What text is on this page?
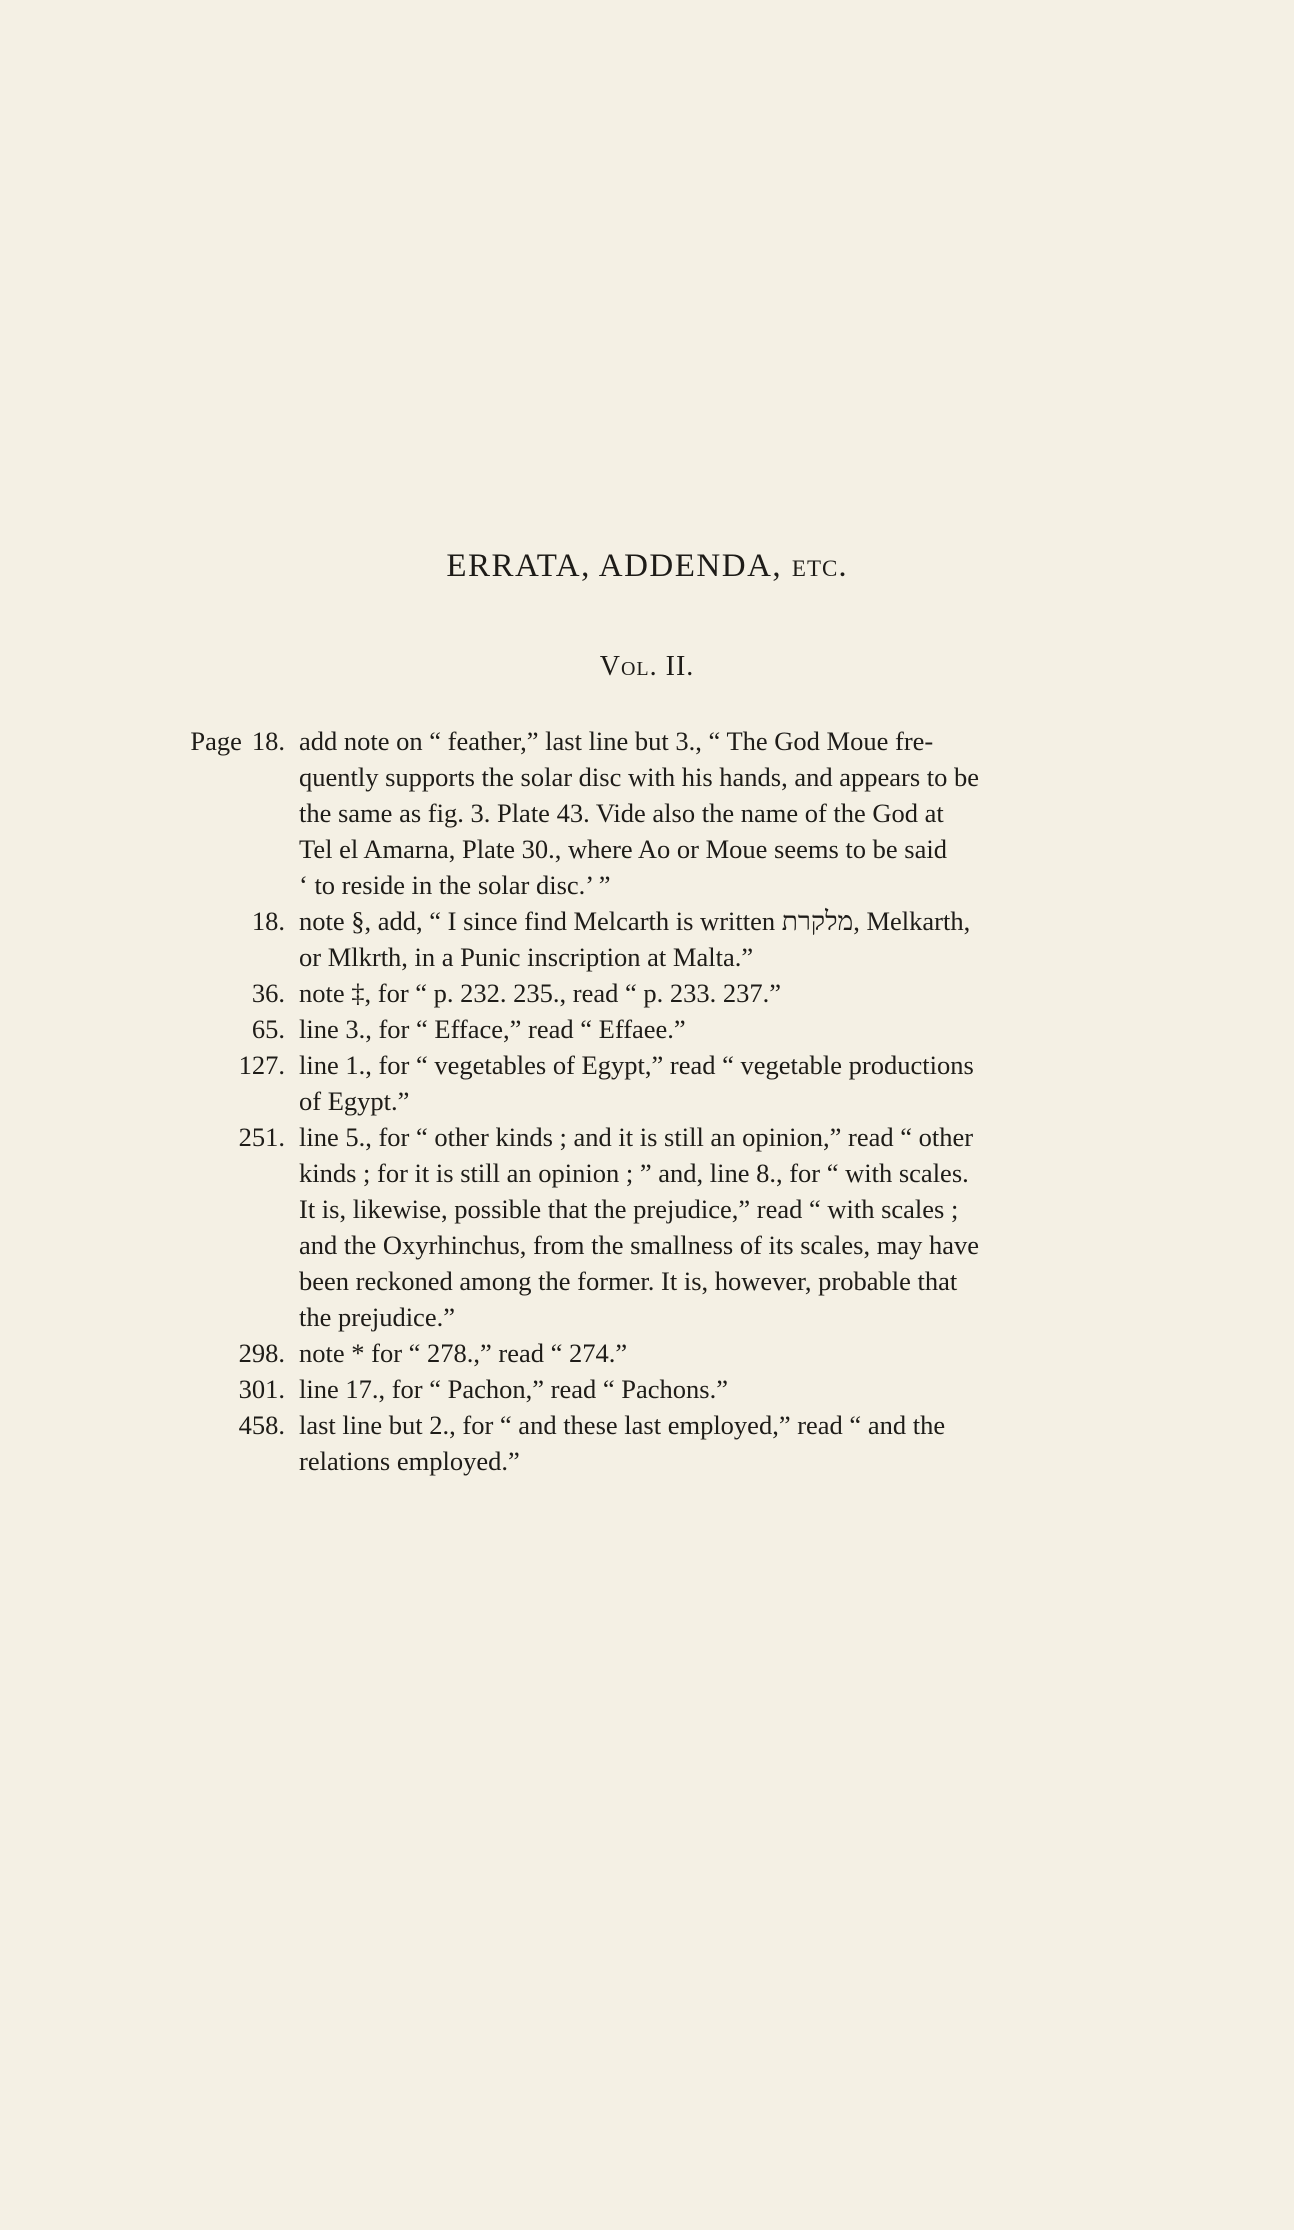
ERRATA, ADDENDA, etc.
Vol. II.
Page 18. add note on “ feather,” last line but 3., “ The God Moue fre-
quently supports the solar disc with his hands, and appears to be
the same as fig. 3. Plate 43. Vide also the name of the God at
Tel el Amarna, Plate 30., where Ao or Moue seems to be said
‘ to reside in the solar disc.’ ”
18. note §, add, “ I since find Melcarth is written מלקרת, Melkarth,
or Mlkrth, in a Punic inscription at Malta.”
36. note ‡, for “ p. 232. 235., read “ p. 233. 237.”
65. line 3., for “ Efface,” read “ Effaee.”
127. line 1., for “ vegetables of Egypt,” read “ vegetable productions
of Egypt.”
251. line 5., for “ other kinds ; and it is still an opinion,” read “ other
kinds ; for it is still an opinion ; ” and, line 8., for “ with scales.
It is, likewise, possible that the prejudice,” read “ with scales ;
and the Oxyrhinchus, from the smallness of its scales, may have
been reckoned among the former. It is, however, probable that
the prejudice.”
298. note * for “ 278.,” read “ 274.”
301. line 17., for “ Pachon,” read “ Pachons.”
458. last line but 2., for “ and these last employed,” read “ and the
relations employed.”
